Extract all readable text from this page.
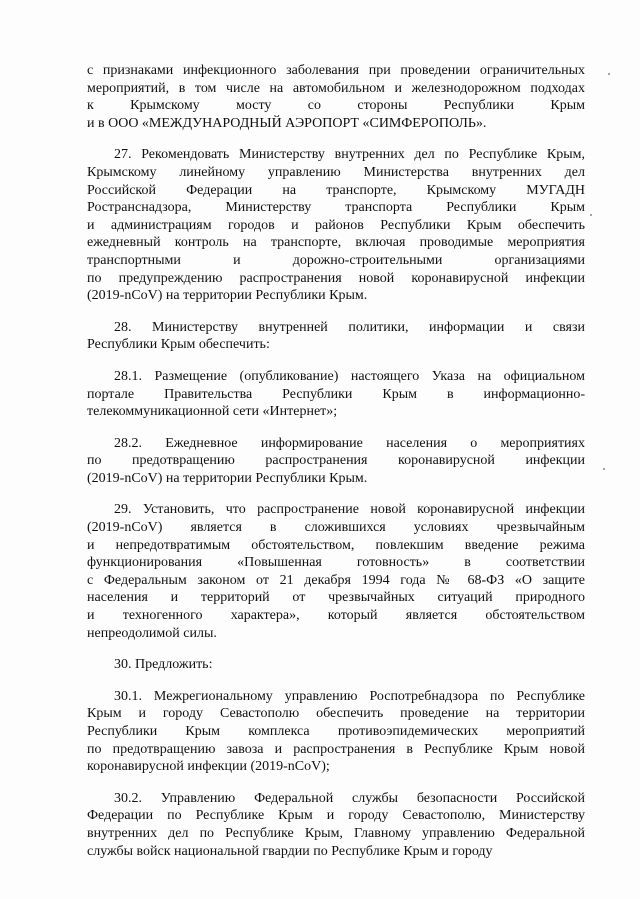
с признаками инфекционного заболевания при проведении ограничительных
мероприятий, в том числе на автомобильном и железнодорожном подходах
к Крымскому мосту со стороны Республики Крым
и в ООО «МЕЖДУНАРОДНЫЙ АЭРОПОРТ «СИМФЕРОПОЛЬ».
27. Рекомендовать Министерству внутренних дел по Республике Крым,
Крымскому линейному управлению Министерства внутренних дел
Российской Федерации на транспорте, Крымскому МУГАДН
Ространснадзора, Министерству транспорта Республики Крым
и администрациям городов и районов Республики Крым обеспечить
ежедневный контроль на транспорте, включая проводимые мероприятия
транспортными и дорожно-строительными организациями
по предупреждению распространения новой коронавирусной инфекции
(2019-nCoV) на территории Республики Крым.
28. Министерству внутренней политики, информации и связи
Республики Крым обеспечить:
28.1. Размещение (опубликование) настоящего Указа на официальном
портале Правительства Республики Крым в информационно-
телекоммуникационной сети «Интернет»;
28.2. Ежедневное информирование населения о мероприятиях
по предотвращению распространения коронавирусной инфекции
(2019-nCoV) на территории Республики Крым.
29. Установить, что распространение новой коронавирусной инфекции
(2019-nCoV) является в сложившихся условиях чрезвычайным
и непредотвратимым обстоятельством, повлекшим введение режима
функционирования «Повышенная готовность» в соответствии
с Федеральным законом от 21 декабря 1994 года № 68-ФЗ «О защите
населения и территорий от чрезвычайных ситуаций природного
и техногенного характера», который является обстоятельством
непреодолимой силы.
30. Предложить:
30.1. Межрегиональному управлению Роспотребнадзора по Республике
Крым и городу Севастополю обеспечить проведение на территории
Республики Крым комплекса противоэпидемических мероприятий
по предотвращению завоза и распространения в Республике Крым новой
коронавирусной инфекции (2019-nCoV);
30.2. Управлению Федеральной службы безопасности Российской
Федерации по Республике Крым и городу Севастополю, Министерству
внутренних дел по Республике Крым, Главному управлению Федеральной
службы войск национальной гвардии по Республике Крым и городу
